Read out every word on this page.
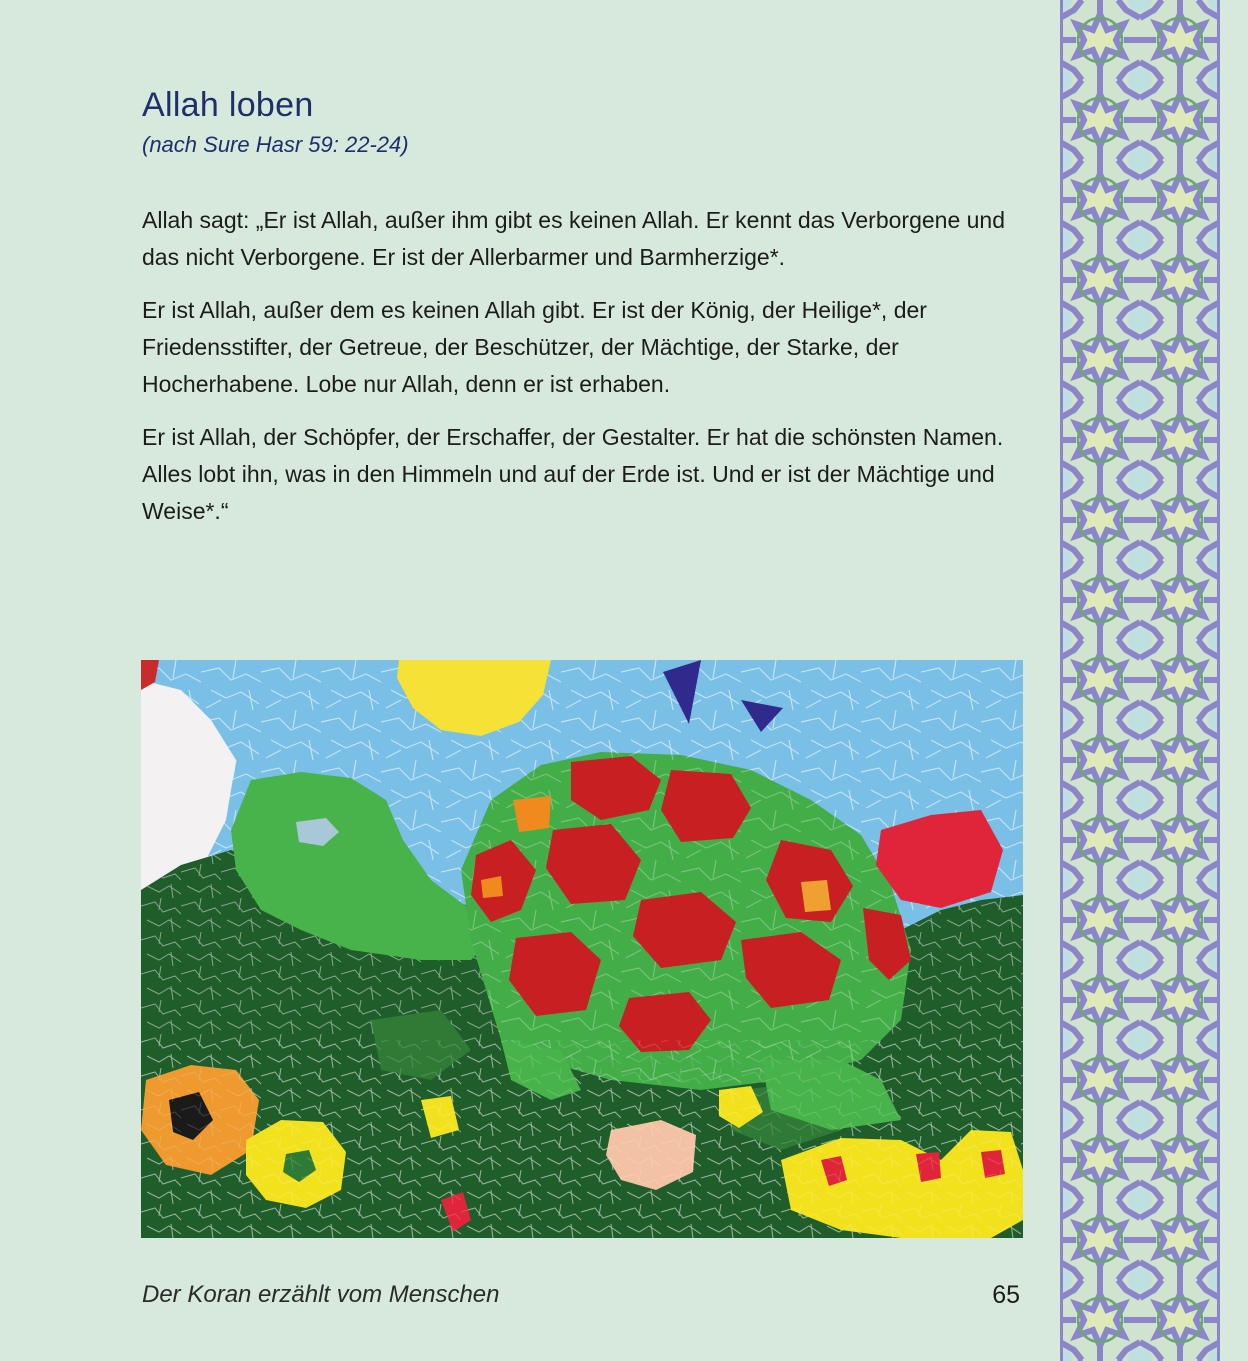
Allah loben
(nach Sure Hasr 59: 22-24)

Allah sagt: „Er ist Allah, außer ihm gibt es keinen Allah. Er kennt das Verborgene und das nicht Verborgene. Er ist der Allerbarmer und Barmherzige*.

Er ist Allah, außer dem es keinen Allah gibt. Er ist der König, der Heilige*, der Friedensstifter, der Getreue, der Beschützer, der Mächtige, der Starke, der Hocherhabene. Lobe nur Allah, denn er ist erhaben.

Er ist Allah, der Schöpfer, der Erschaffer, der Gestalter. Er hat die schönsten Namen. Alles lobt ihn, was in den Himmeln und auf der Erde ist. Und er ist der Mächtige und Weise*.“

Der Koran erzählt vom Menschen	65
